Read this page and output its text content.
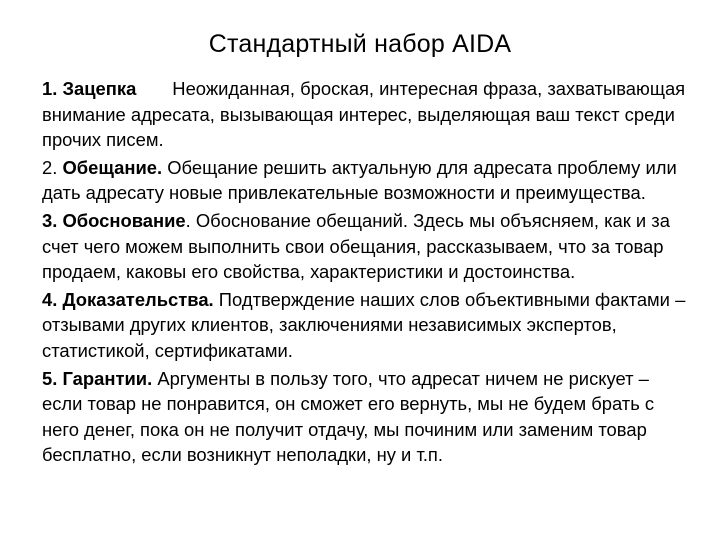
Стандартный набор AIDA
1. Зацепка Неожиданная, броская, интересная фраза, захватывающая внимание адресата, вызывающая интерес, выделяющая ваш текст среди прочих писем.
2. Обещание. Обещание решить актуальную для адресата проблему или дать адресату новые привлекательные возможности и преимущества.
3. Обоснование. Обоснование обещаний. Здесь мы объясняем, как и за счет чего можем выполнить свои обещания, рассказываем, что за товар продаем, каковы его свойства, характеристики и достоинства.
4. Доказательства. Подтверждение наших слов объективными фактами – отзывами других клиентов, заключениями независимых экспертов, статистикой, сертификатами.
5. Гарантии. Аргументы в пользу того, что адресат ничем не рискует – если товар не понравится, он сможет его вернуть, мы не будем брать с него денег, пока он не получит отдачу, мы починим или заменим товар бесплатно, если возникнут неполадки, ну и т.п.
